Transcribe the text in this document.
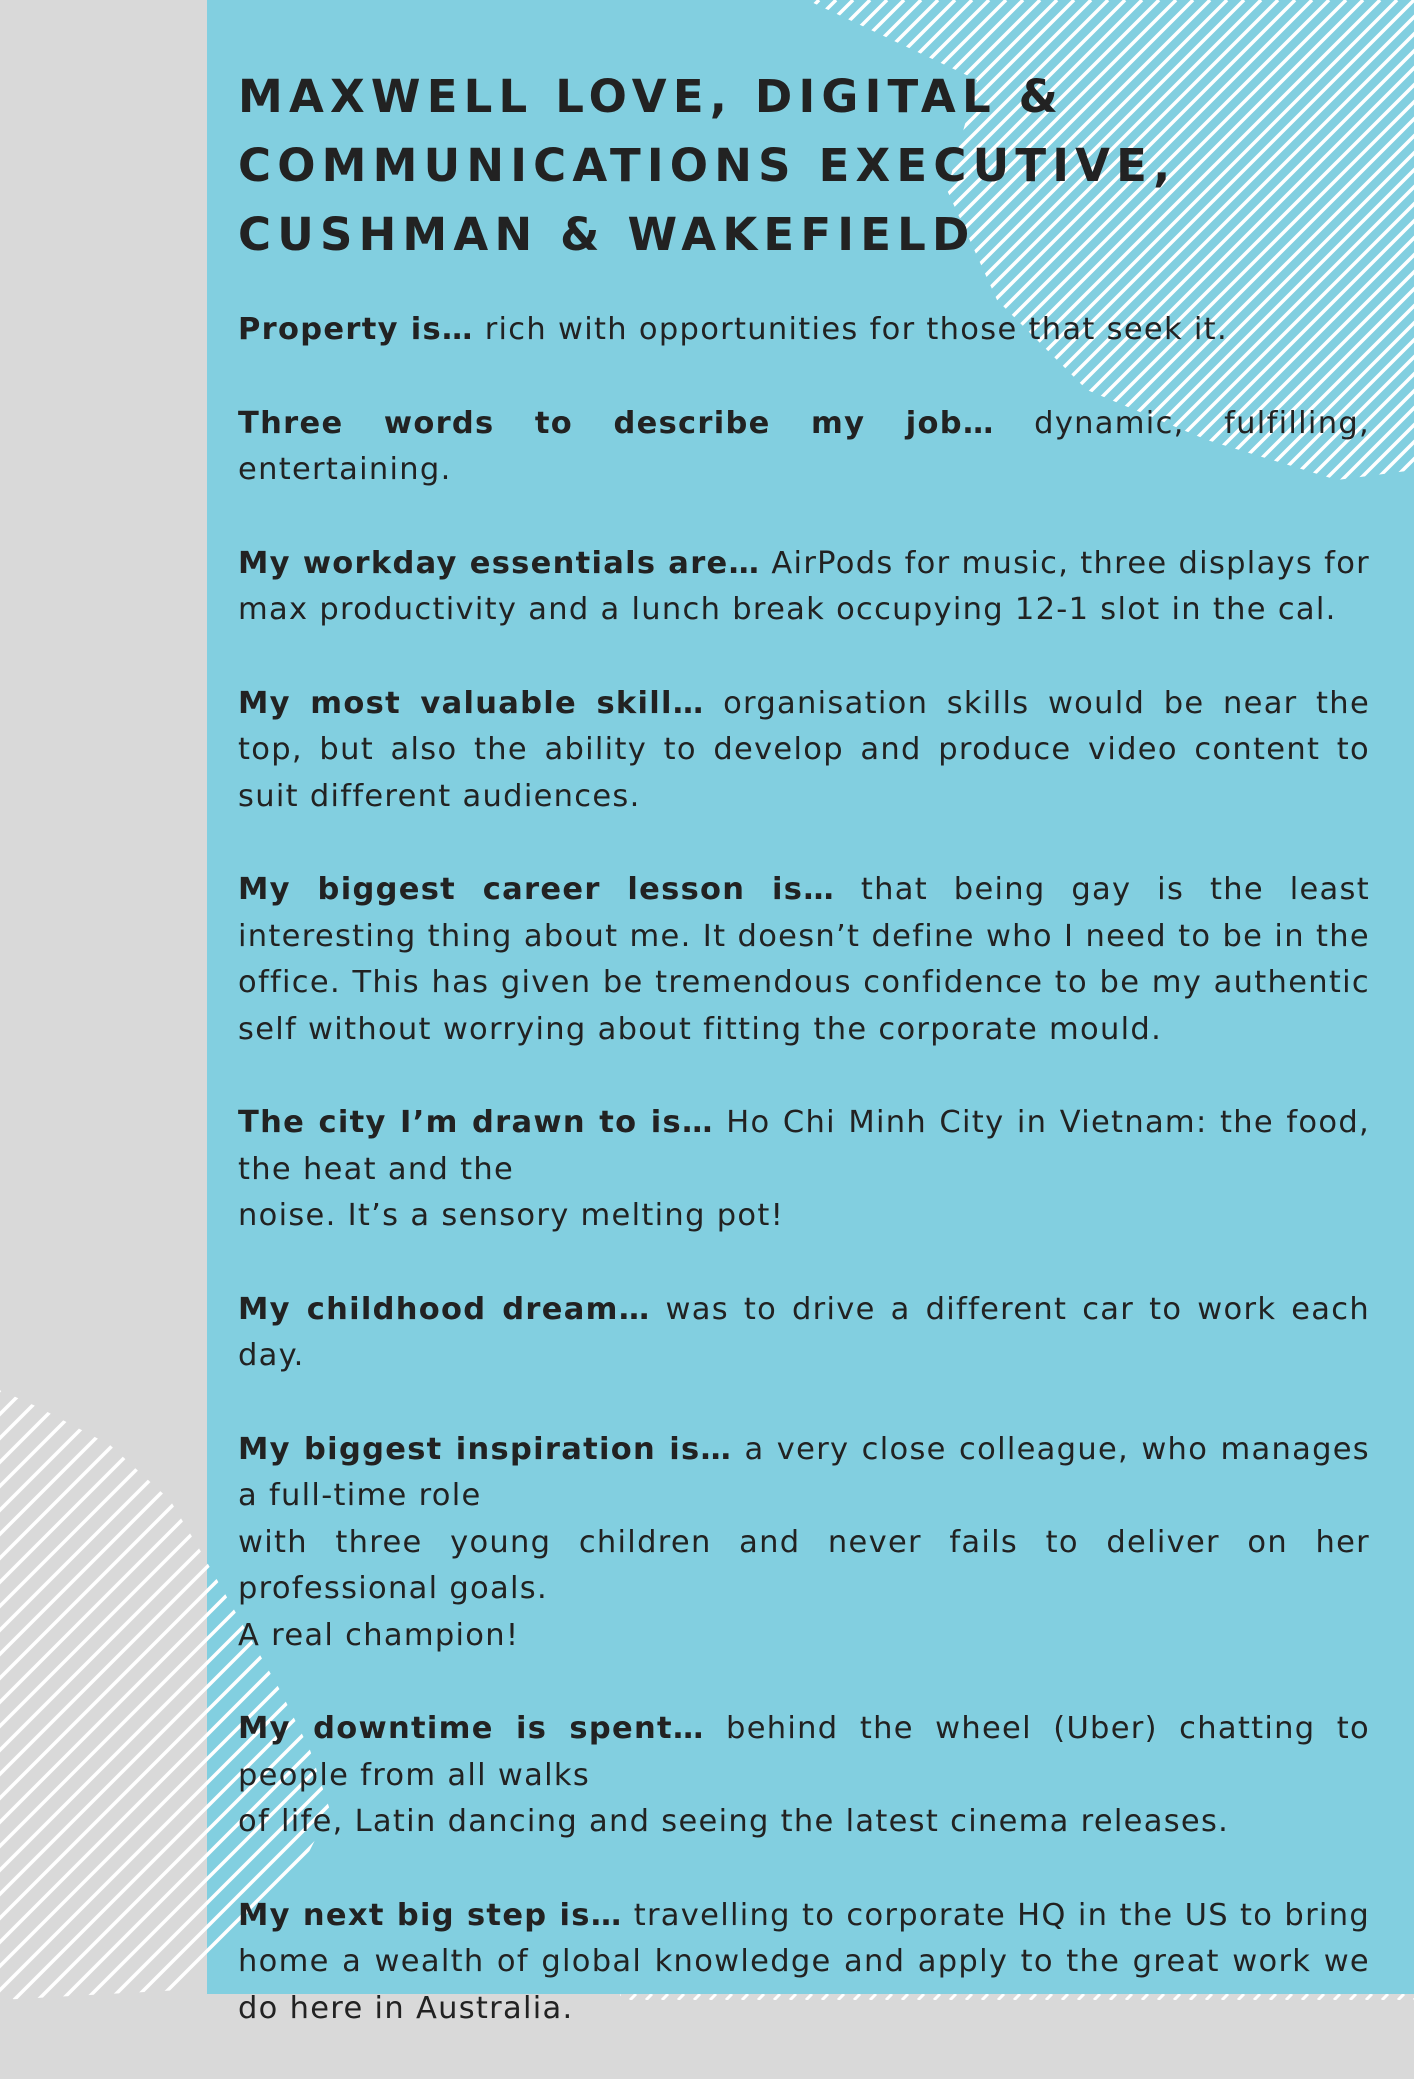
MAXWELL LOVE, DIGITAL &
COMMUNICATIONS EXECUTIVE,
CUSHMAN & WAKEFIELD

Property is… rich with opportunities for those that seek it.

Three words to describe my job… dynamic, fulfilling, entertaining.

My workday essentials are… AirPods for music, three displays for max productivity and a lunch break occupying 12-1 slot in the cal.

My most valuable skill… organisation skills would be near the top, but also the ability to develop and produce video content to suit different audiences.

My biggest career lesson is… that being gay is the least interesting thing about me. It doesn’t define who I need to be in the office. This has given be tremendous confidence to be my authentic self without worrying about fitting the corporate mould.

The city I’m drawn to is… Ho Chi Minh City in Vietnam: the food, the heat and the
noise. It’s a sensory melting pot!

My childhood dream… was to drive a different car to work each day.

My biggest inspiration is… a very close colleague, who manages a full-time role
with three young children and never fails to deliver on her professional goals.
A real champion!

My downtime is spent… behind the wheel (Uber) chatting to people from all walks
of life, Latin dancing and seeing the latest cinema releases.

My next big step is… travelling to corporate HQ in the US to bring home a wealth of global knowledge and apply to the great work we do here in Australia.
